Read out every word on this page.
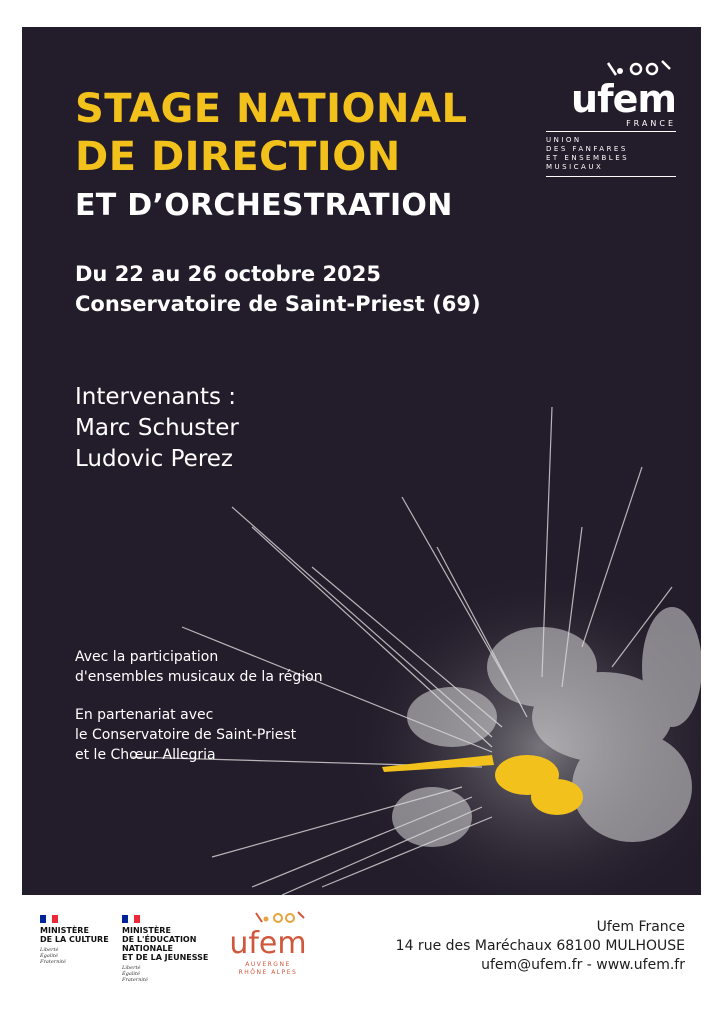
STAGE NATIONAL
DE DIRECTION
ET D’ORCHESTRATION
Du 22 au 26 octobre 2025
Conservatoire de Saint-Priest (69)
Intervenants :
Marc Schuster
Ludovic Perez
Avec la participation
d'ensembles musicaux de la région
En partenariat avec
le Conservatoire de Saint-Priest
et le Chœur Allegria
ufem
FRANCE
UNION
DES FANFARES
ET ENSEMBLES
MUSICAUX
MINISTÈRE
DE LA CULTURE
Liberté
Égalité
Fraternité
MINISTÈRE
DE L'ÉDUCATION
NATIONALE
ET DE LA JEUNESSE
Liberté
Égalité
Fraternité
ufem
AUVERGNE
RHÔNE ALPES
Ufem France
14 rue des Maréchaux 68100 MULHOUSE
ufem@ufem.fr - www.ufem.fr
